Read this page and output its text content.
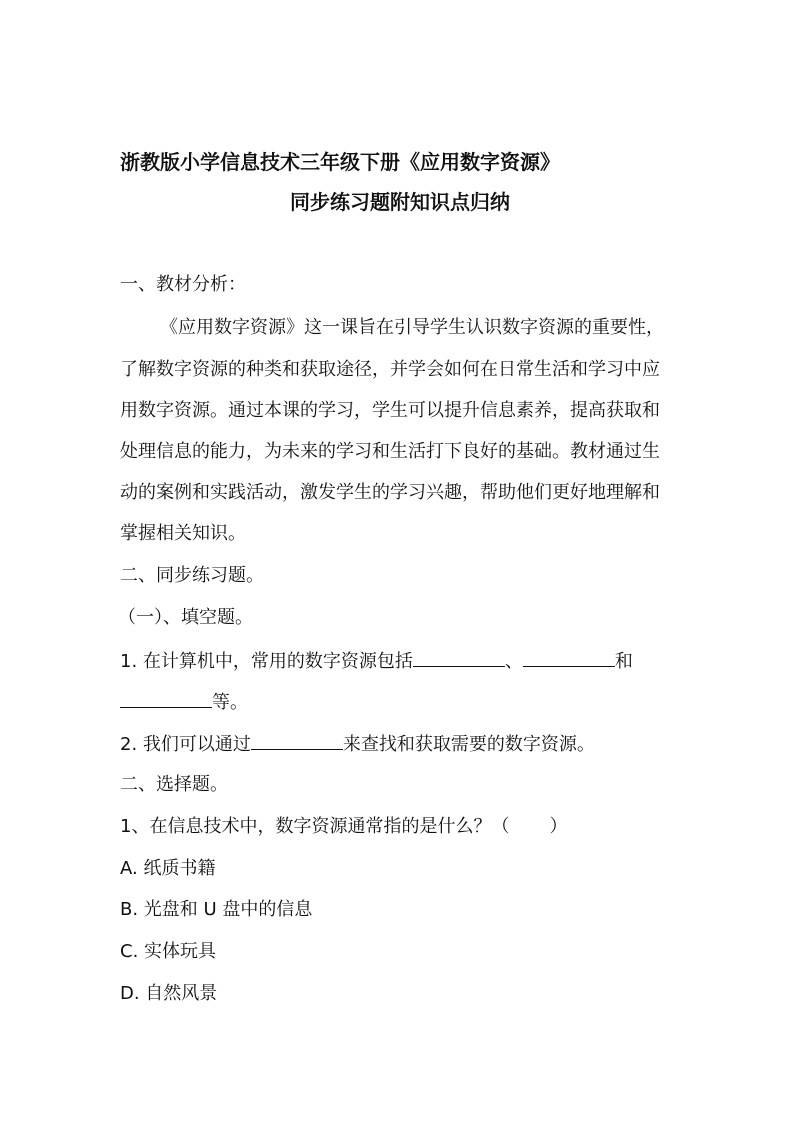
浙教版小学信息技术三年级下册《应用数字资源》
同步练习题附知识点归纳
一、教材分析：
《应用数字资源》这一课旨在引导学生认识数字资源的重要性，
了解数字资源的种类和获取途径，并学会如何在日常生活和学习中应
用数字资源。通过本课的学习，学生可以提升信息素养，提高获取和
处理信息的能力，为未来的学习和生活打下良好的基础。教材通过生
动的案例和实践活动，激发学生的学习兴趣，帮助他们更好地理解和
掌握相关知识。
二、同步练习题。
（一）、填空题。
1. 在计算机中，常用的数字资源包括	、	和
等。
2. 我们可以通过	来查找和获取需要的数字资源。
二、选择题。
1、在信息技术中，数字资源通常指的是什么？（ ）
A. 纸质书籍
B. 光盘和 U 盘中的信息
C. 实体玩具
D. 自然风景
